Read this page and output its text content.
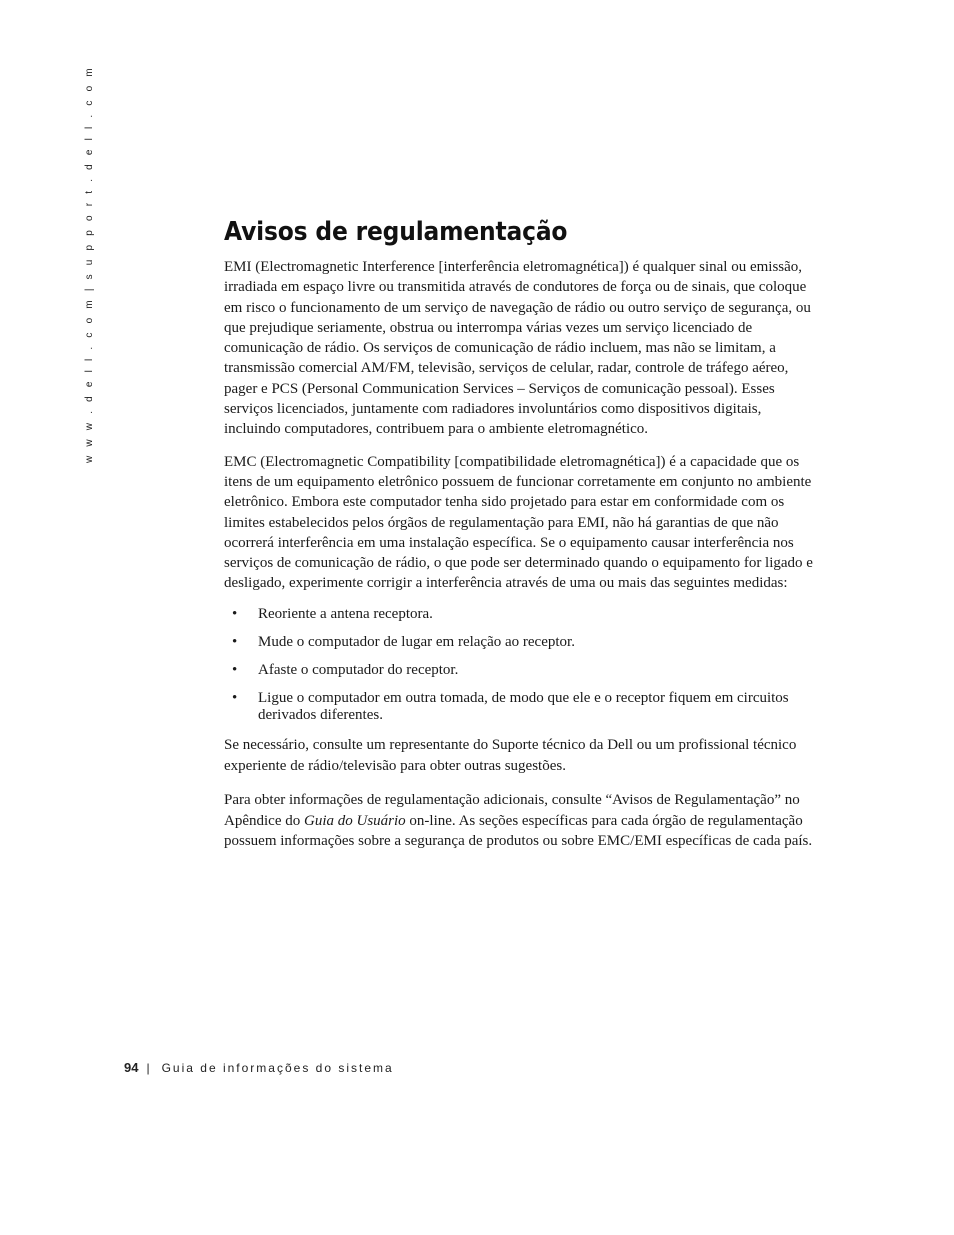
w w w . d e l l . c o m | s u p p o r t . d e l l . c o m	Avisos de regulamentação

EMI (Electromagnetic Interference [interferência eletromagnética]) é qualquer sinal ou emissão, irradiada em espaço livre ou transmitida através de condutores de força ou de sinais, que coloque em risco o funcionamento de um serviço de navegação de rádio ou outro serviço de segurança, ou que prejudique seriamente, obstrua ou interrompa várias vezes um serviço licenciado de comunicação de rádio. Os serviços de comunicação de rádio incluem, mas não se limitam, a transmissão comercial AM/FM, televisão, serviços de celular, radar, controle de tráfego aéreo, pager e PCS (Personal Communication Services – Serviços de comunicação pessoal). Esses serviços licenciados, juntamente com radiadores involuntários como dispositivos digitais, incluindo computadores, contribuem para o ambiente eletromagnético.

EMC (Electromagnetic Compatibility [compatibilidade eletromagnética]) é a capacidade que os itens de um equipamento eletrônico possuem de funcionar corretamente em conjunto no ambiente eletrônico. Embora este computador tenha sido projetado para estar em conformidade com os limites estabelecidos pelos órgãos de regulamentação para EMI, não há garantias de que não ocorrerá interferência em uma instalação específica. Se o equipamento causar interferência nos serviços de comunicação de rádio, o que pode ser determinado quando o equipamento for ligado e desligado, experimente corrigir a interferência através de uma ou mais das seguintes medidas:

• Reoriente a antena receptora.
• Mude o computador de lugar em relação ao receptor.
• Afaste o computador do receptor.
• Ligue o computador em outra tomada, de modo que ele e o receptor fiquem em circuitos derivados diferentes.

Se necessário, consulte um representante do Suporte técnico da Dell ou um profissional técnico experiente de rádio/televisão para obter outras sugestões.

Para obter informações de regulamentação adicionais, consulte “Avisos de Regulamentação” no Apêndice do Guia do Usuário on-line. As seções específicas para cada órgão de regulamentação possuem informações sobre a segurança de produtos ou sobre EMC/EMI específicas de cada país.

94 | Guia de informações do sistema
